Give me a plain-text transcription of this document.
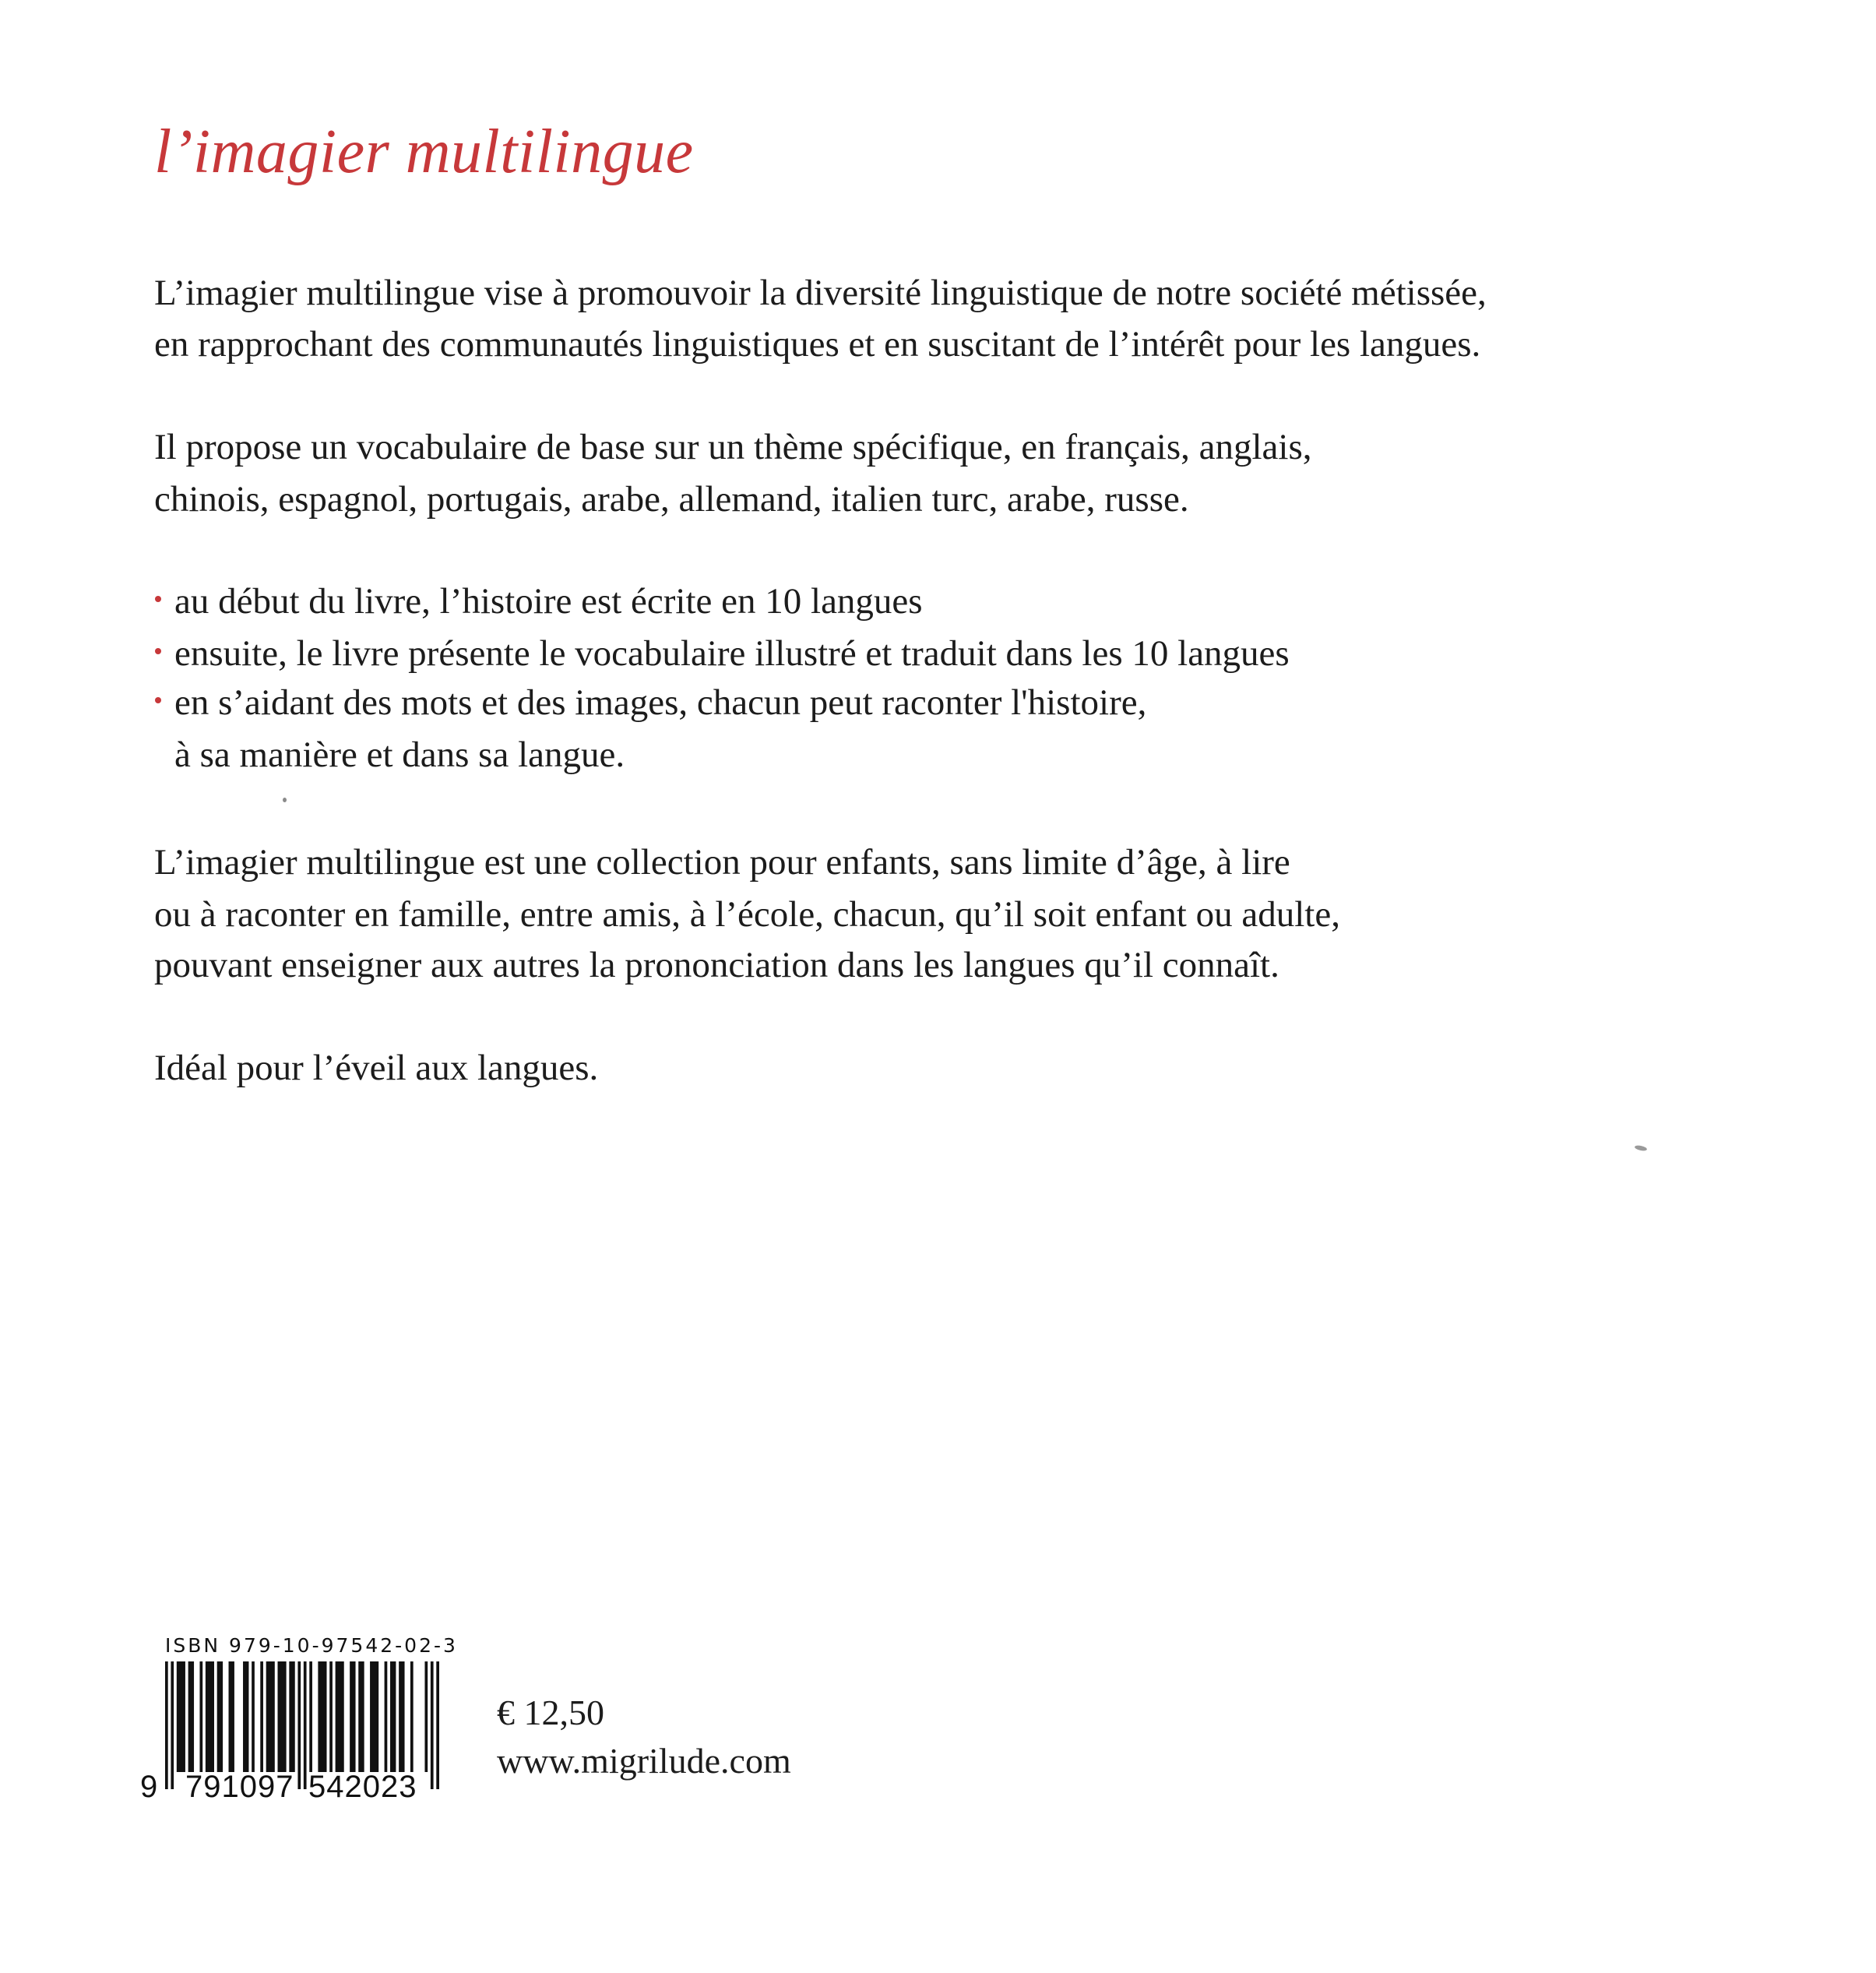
l’imagier multilingue
L’imagier multilingue vise à promouvoir la diversité linguistique de notre société métissée,
en rapprochant des communautés linguistiques et en suscitant de l’intérêt pour les langues.
Il propose un vocabulaire de base sur un thème spécifique, en français, anglais,
chinois, espagnol, portugais, arabe, allemand, italien turc, arabe, russe.
au début du livre, l’histoire est écrite en 10 langues
ensuite, le livre présente le vocabulaire illustré et traduit dans les 10 langues
en s’aidant des mots et des images, chacun peut raconter l'histoire,
à sa manière et dans sa langue.
L’imagier multilingue est une collection pour enfants, sans limite d’âge, à lire
ou à raconter en famille, entre amis, à l’école, chacun, qu’il soit enfant ou adulte,
pouvant enseigner aux autres la prononciation dans les langues qu’il connaît.
Idéal pour l’éveil aux langues.
ISBN 979-10-97542-02-3
9 791097 542023
€ 12,50
www.migrilude.com
